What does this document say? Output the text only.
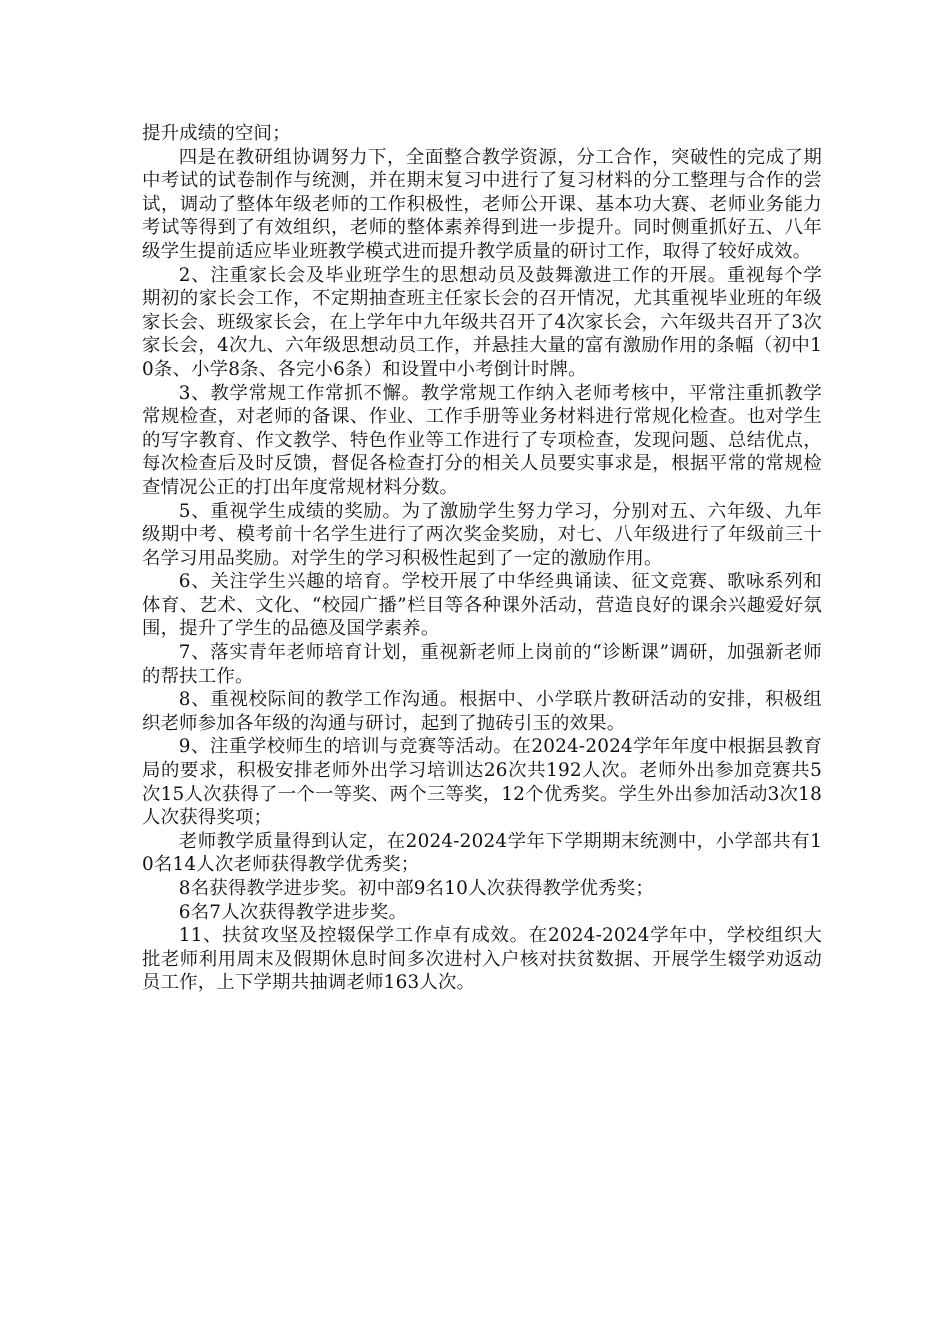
提升成绩的空间；

四是在教研组协调努力下，全面整合教学资源，分工合作，突破性的完成了期中考试的试卷制作与统测，并在期末复习中进行了复习材料的分工整理与合作的尝试，调动了整体年级老师的工作积极性，老师公开课、基本功大赛、老师业务能力考试等得到了有效组织，老师的整体素养得到进一步提升。同时侧重抓好五、八年级学生提前适应毕业班教学模式进而提升教学质量的研讨工作，取得了较好成效。

2、注重家长会及毕业班学生的思想动员及鼓舞激进工作的开展。重视每个学期初的家长会工作，不定期抽查班主任家长会的召开情况，尤其重视毕业班的年级家长会、班级家长会，在上学年中九年级共召开了4次家长会，六年级共召开了3次家长会，4次九、六年级思想动员工作，并悬挂大量的富有激励作用的条幅（初中10条、小学8条、各完小6条）和设置中小考倒计时牌。

3、教学常规工作常抓不懈。教学常规工作纳入老师考核中，平常注重抓教学常规检查，对老师的备课、作业、工作手册等业务材料进行常规化检查。也对学生的写字教育、作文教学、特色作业等工作进行了专项检查，发现问题、总结优点，每次检查后及时反馈，督促各检查打分的相关人员要实事求是，根据平常的常规检查情况公正的打出年度常规材料分数。

5、重视学生成绩的奖励。为了激励学生努力学习，分别对五、六年级、九年级期中考、模考前十名学生进行了两次奖金奖励，对七、八年级进行了年级前三十名学习用品奖励。对学生的学习积极性起到了一定的激励作用。

6、关注学生兴趣的培育。学校开展了中华经典诵读、征文竞赛、歌咏系列和体育、艺术、文化、“校园广播”栏目等各种课外活动，营造良好的课余兴趣爱好氛围，提升了学生的品德及国学素养。

7、落实青年老师培育计划，重视新老师上岗前的“诊断课”调研，加强新老师的帮扶工作。

8、重视校际间的教学工作沟通。根据中、小学联片教研活动的安排，积极组织老师参加各年级的沟通与研讨，起到了抛砖引玉的效果。

9、注重学校师生的培训与竞赛等活动。在2024-2024学年年度中根据县教育局的要求，积极安排老师外出学习培训达26次共192人次。老师外出参加竞赛共5次15人次获得了一个一等奖、两个三等奖，12个优秀奖。学生外出参加活动3次18人次获得奖项；

老师教学质量得到认定，在2024-2024学年下学期期末统测中，小学部共有10名14人次老师获得教学优秀奖；

8名获得教学进步奖。初中部9名10人次获得教学优秀奖；

6名7人次获得教学进步奖。

11、扶贫攻坚及控辍保学工作卓有成效。在2024-2024学年中，学校组织大批老师利用周末及假期休息时间多次进村入户核对扶贫数据、开展学生辍学劝返动员工作，上下学期共抽调老师163人次。
